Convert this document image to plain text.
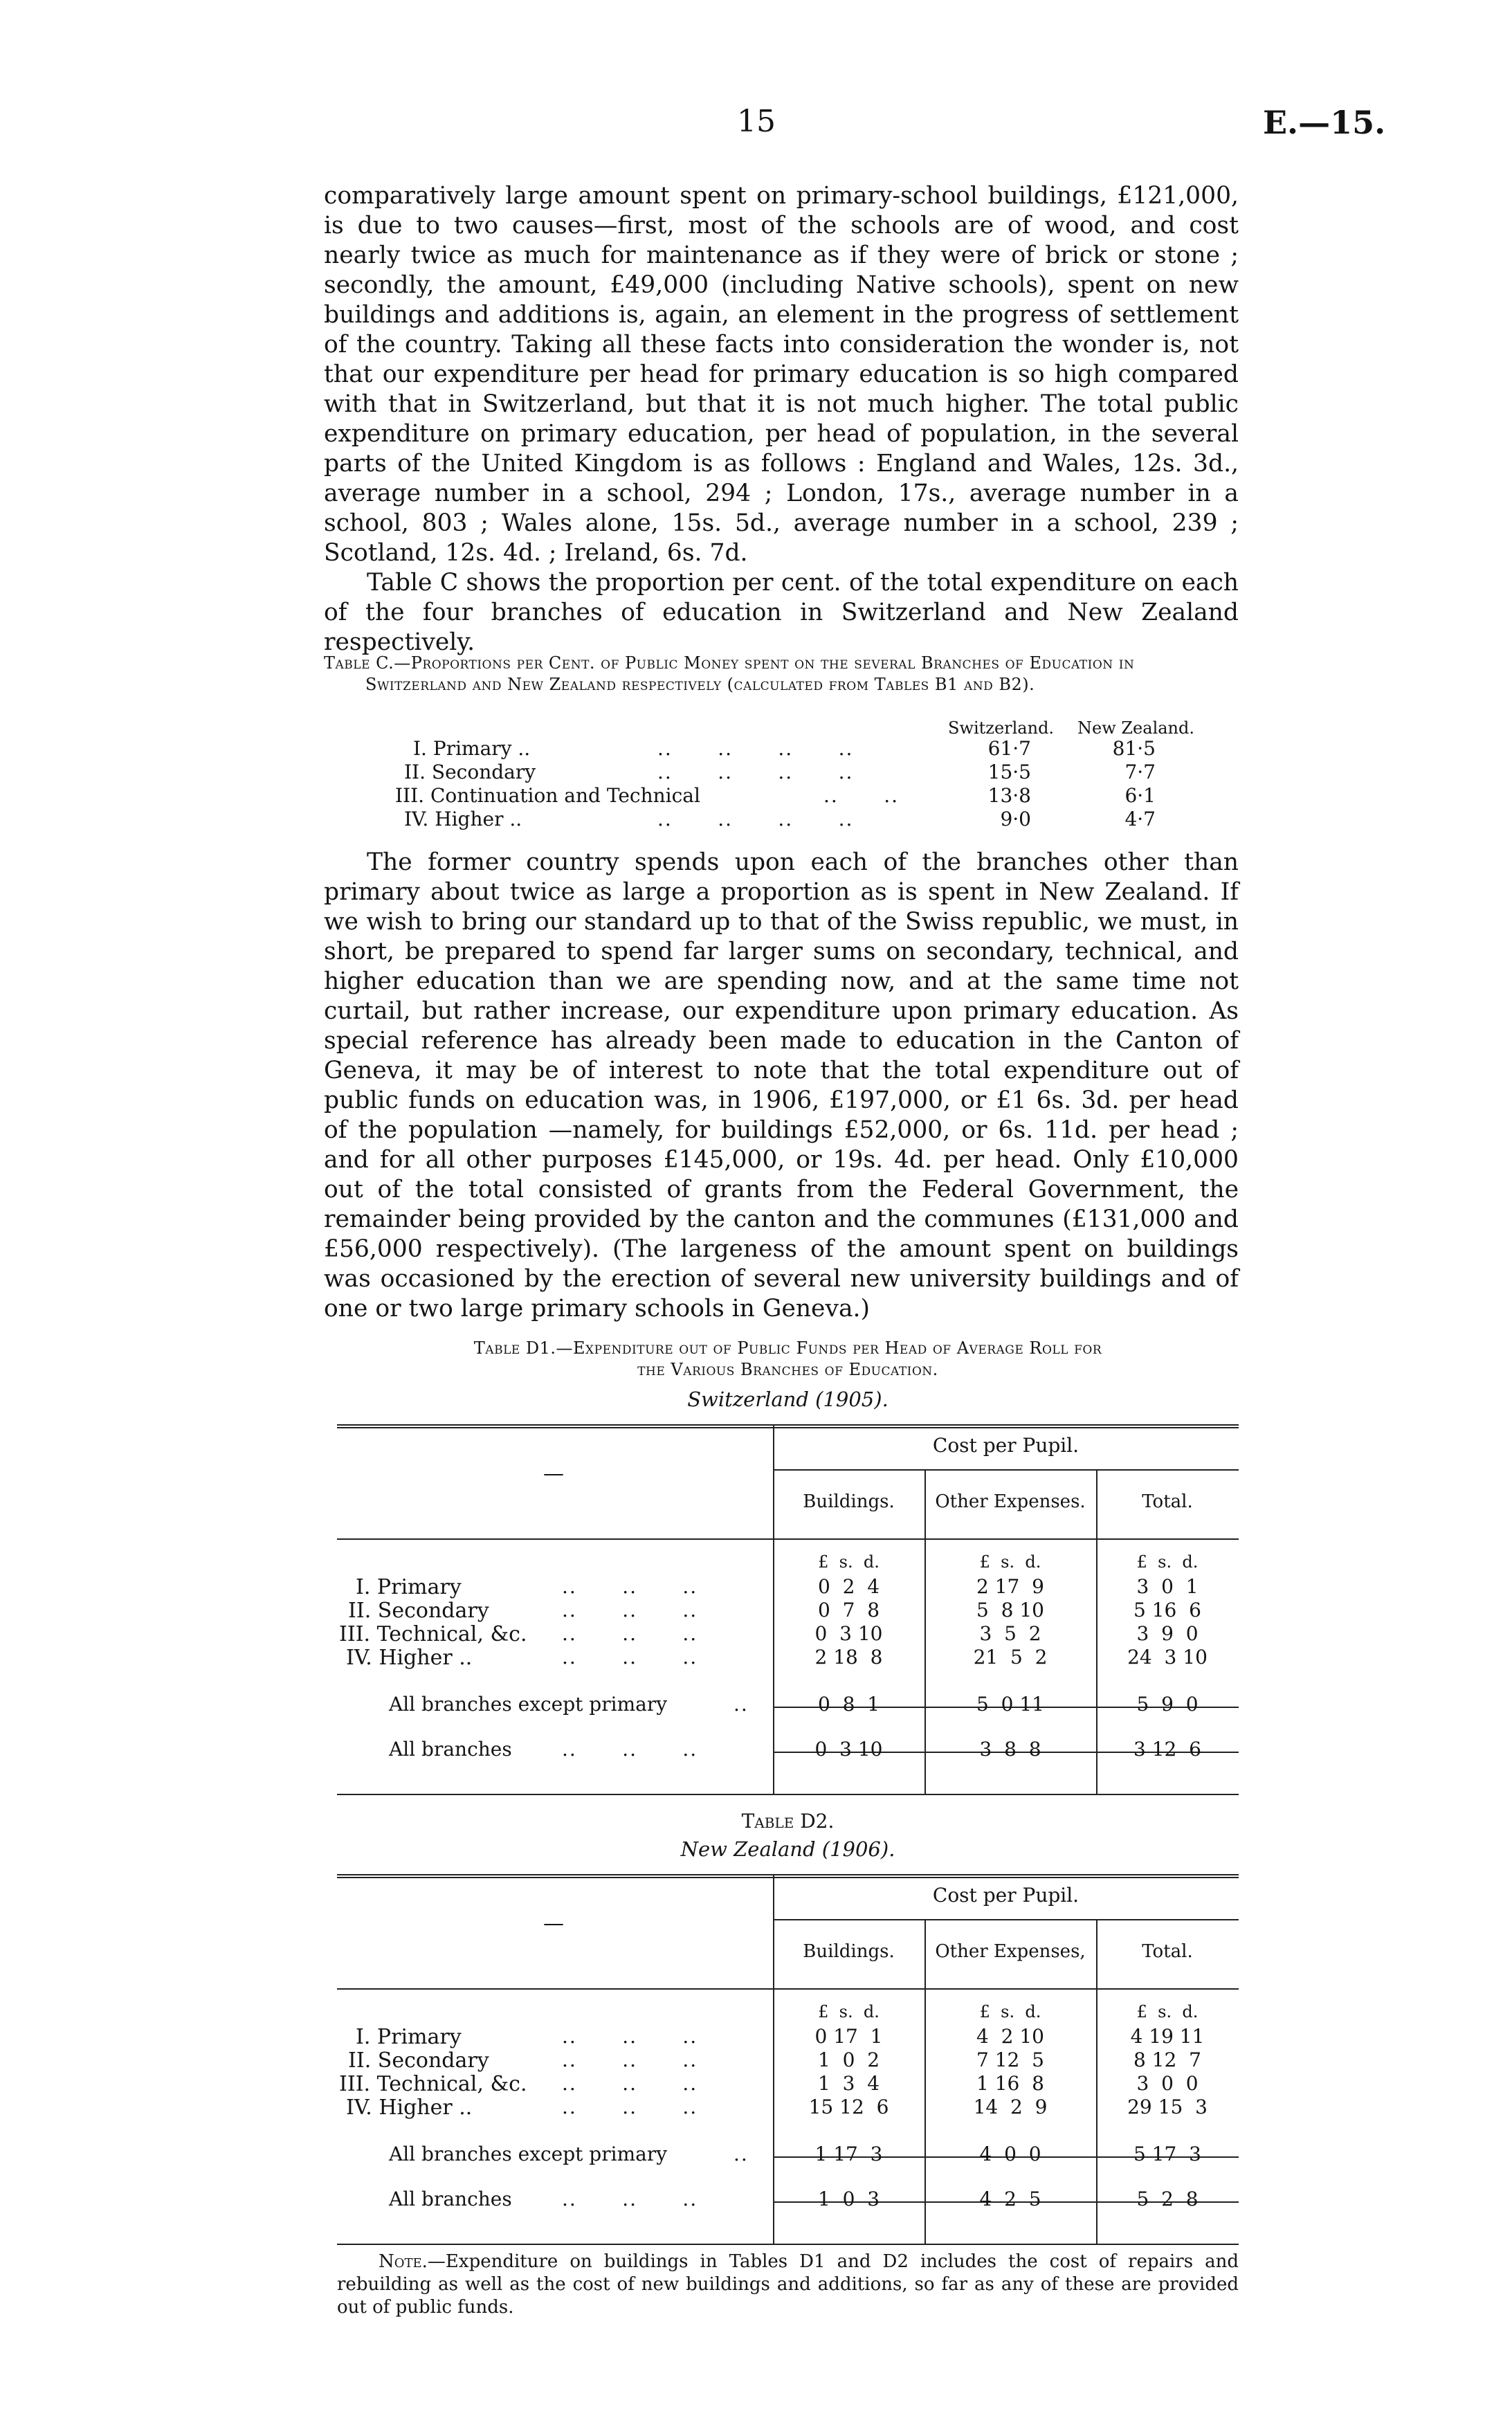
15	E.—15.

comparatively large amount spent on primary-school buildings, £121,000, is due to two causes—first, most of the schools are of wood, and cost nearly twice as much for maintenance as if they were of brick or stone ; secondly, the amount, £49,000 (including Native schools), spent on new buildings and additions is, again, an element in the progress of settlement of the country. Taking all these facts into consideration the wonder is, not that our expenditure per head for primary education is so high compared with that in Switzerland, but that it is not much higher. The total public expenditure on primary education, per head of population, in the several parts of the United Kingdom is as follows : England and Wales, 12s. 3d., average number in a school, 294 ; London, 17s., average number in a school, 803 ; Wales alone, 15s. 5d., average number in a school, 239 ; Scotland, 12s. 4d. ; Ireland, 6s. 7d.

Table C shows the proportion per cent. of the total expenditure on each of the four branches of education in Switzerland and New Zealand respectively.

Table C.—Proportions per Cent. of Public Money spent on the several Branches of Education in Switzerland and New Zealand respectively (calculated from Tables B1 and B2).
Switzerland. New Zealand.
I. Primary ..	..      ..      ..      ..	61·7	81·5
II. Secondary	..      ..      ..      ..	15·5	7·7
III. Continuation and Technical	..      ..	13·8	6·1
IV. Higher ..	..      ..      ..      ..	9·0	4·7

The former country spends upon each of the branches other than primary about twice as large a proportion as is spent in New Zealand. If we wish to bring our standard up to that of the Swiss republic, we must, in short, be prepared to spend far larger sums on secondary, technical, and higher education than we are spending now, and at the same time not curtail, but rather increase, our expenditure upon primary education. As special reference has already been made to education in the Canton of Geneva, it may be of interest to note that the total expenditure out of public funds on education was, in 1906, £197,000, or £1 6s. 3d. per head of the population —namely, for buildings £52,000, or 6s. 11d. per head ; and for all other purposes £145,000, or 19s. 4d. per head. Only £10,000 out of the total consisted of grants from the Federal Government, the remainder being provided by the canton and the communes (£131,000 and £56,000 respectively). (The largeness of the amount spent on buildings was occasioned by the erection of several new university buildings and of one or two large primary schools in Geneva.)

Table D1.—Expenditure out of Public Funds per Head of Average Roll for
the Various Branches of Education.
Switzerland (1905).
—
Cost per Pupil.
Buildings.	Other Expenses.	Total.
£  s.  d.	£  s.  d.	£  s.  d.
I. Primary	..      ..      ..	0  2  4	2 17  9	3  0  1
II. Secondary	..      ..      ..	0  7  8	5  8 10	5 16  6
III. Technical, &c. ..      ..      ..	0  3 10	3  5  2	3  9  0
IV. Higher ..	..      ..      ..	2 18  8	21  5  2	24  3 10
All branches except primary	..	0  8  1	5  0 11	5  9  0
All branches	..      ..      ..	0  3 10	3  8  8	3 12  6
Table D2.
New Zealand (1906).
—
Cost per Pupil.
Buildings.	Other Expenses,	Total.
£  s.  d.	£  s.  d.	£  s.  d.
I. Primary	..      ..      ..	0 17  1	4  2 10	4 19 11
II. Secondary	..      ..      ..	1  0  2	7 12  5	8 12  7
III. Technical, &c. ..      ..      ..	1  3  4	1 16  8	3  0  0
IV. Higher ..	..      ..      ..	15 12  6	14  2  9	29 15  3
All branches except primary	..	1 17  3	4  0  0	5 17  3
All branches	..      ..      ..	1  0  3	4  2  5	5  2  8
Note.—Expenditure on buildings in Tables D1 and D2 includes the cost of repairs and rebuilding as well as the cost of new buildings and additions, so far as any of these are provided out of public funds.
